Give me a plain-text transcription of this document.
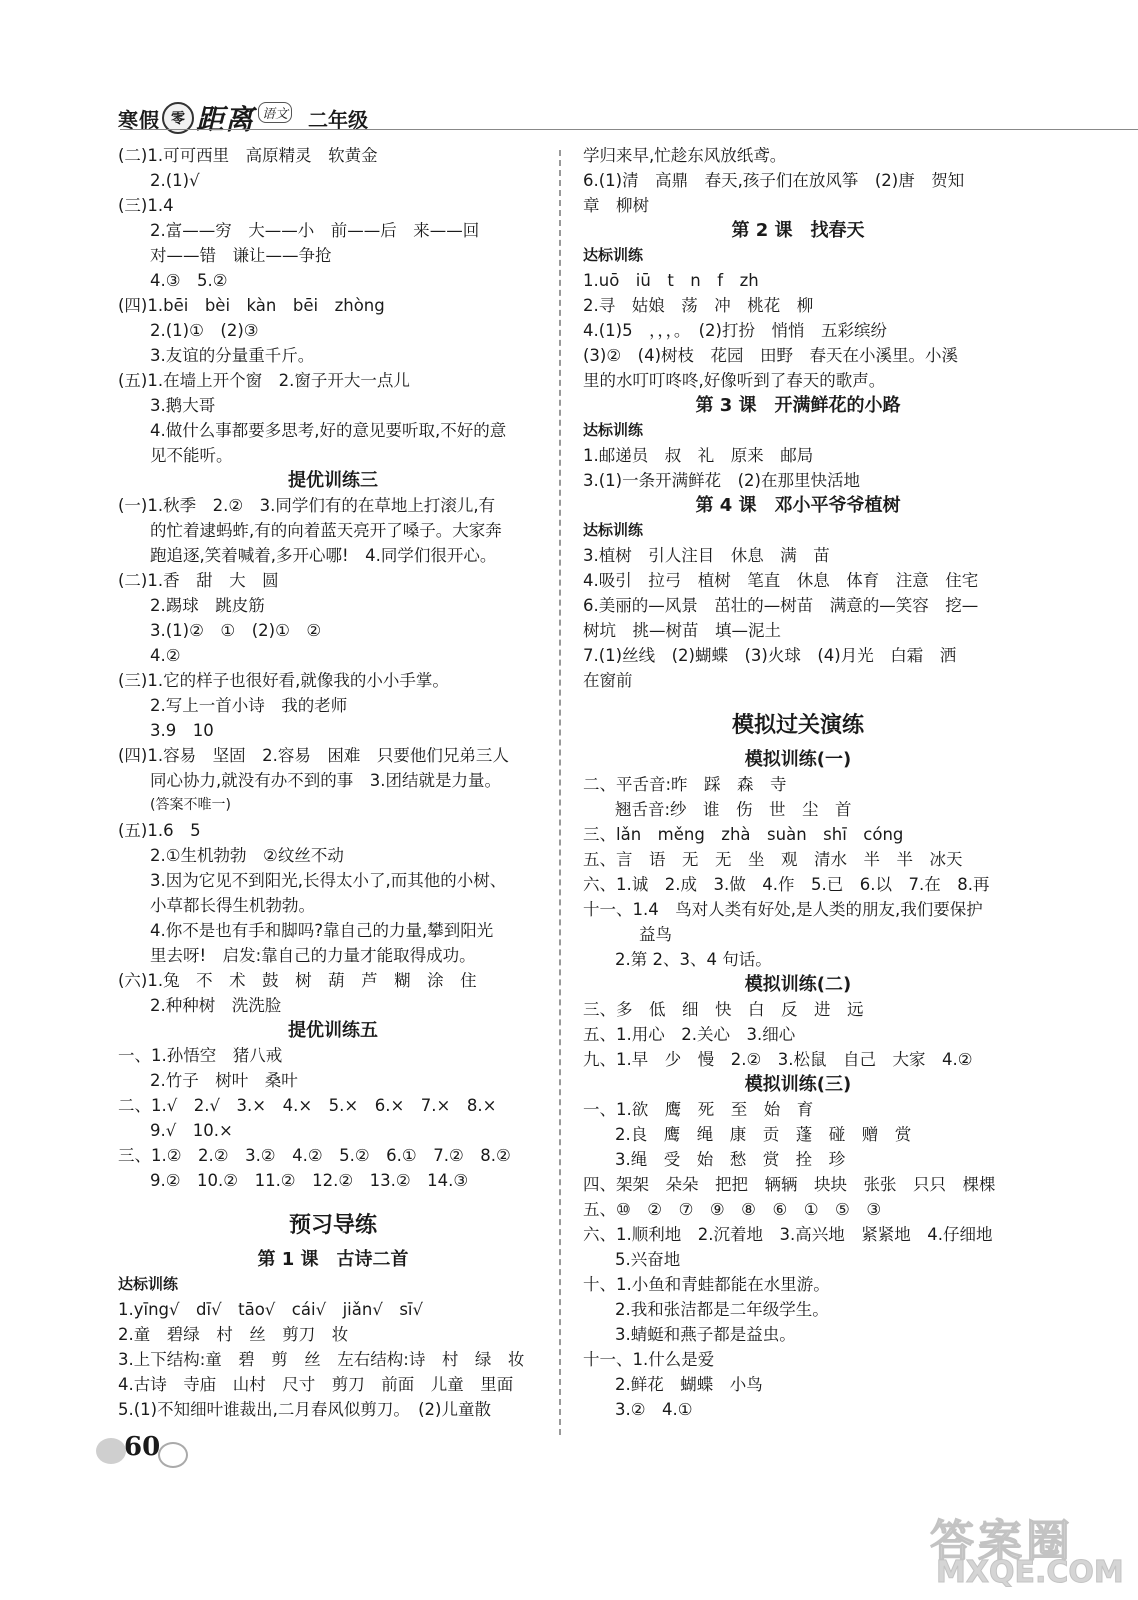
寒假 零 距离 语文 二年级
(二)1.可可西里　高原精灵　软黄金
2.(1)√
(三)1.4
2.富——穷　大——小　前——后　来——回
对——错　谦让——争抢
4.③　5.②
(四)1.bēi　bèi　kàn　bēi　zhòng
2.(1)①　(2)③
3.友谊的分量重千斤。
(五)1.在墙上开个窗　2.窗子开大一点儿
3.鹅大哥
4.做什么事都要多思考,好的意见要听取,不好的意
见不能听。
提优训练三
(一)1.秋季　2.②　3.同学们有的在草地上打滚儿,有
的忙着逮蚂蚱,有的向着蓝天亮开了嗓子。大家奔
跑追逐,笑着喊着,多开心哪!　4.同学们很开心。
(二)1.香　甜　大　圆
2.踢球　跳皮筋
3.(1)②　①　(2)①　②
4.②
(三)1.它的样子也很好看,就像我的小小手掌。
2.写上一首小诗　我的老师
3.9　10
(四)1.容易　坚固　2.容易　困难　只要他们兄弟三人
同心协力,就没有办不到的事　3.团结就是力量。
(答案不唯一)
(五)1.6　5
2.①生机勃勃　②纹丝不动
3.因为它见不到阳光,长得太小了,而其他的小树、
小草都长得生机勃勃。
4.你不是也有手和脚吗?靠自己的力量,攀到阳光
里去呀!　启发:靠自己的力量才能取得成功。
(六)1.兔　不　术　鼓　树　葫　芦　糊　涂　住
2.种种树　洗洗脸
提优训练五
一、1.孙悟空　猪八戒
2.竹子　树叶　桑叶
二、1.√　2.√　3.×　4.×　5.×　6.×　7.×　8.×
9.√　10.×
三、1.②　2.②　3.②　4.②　5.②　6.①　7.②　8.②
9.②　10.②　11.②　12.②　13.②　14.③
预习导练
第 1 课　古诗二首
达标训练
1.yīng√　dī√　tāo√　cái√　jiǎn√　sī√
2.童　碧绿　村　丝　剪刀　妆
3.上下结构:童　碧　剪　丝　左右结构:诗　村　绿　妆
4.古诗　寺庙　山村　尺寸　剪刀　前面　儿童　里面
5.(1)不知细叶谁裁出,二月春风似剪刀。　(2)儿童散
学归来早,忙趁东风放纸鸢。
6.(1)清　高鼎　春天,孩子们在放风筝　(2)唐　贺知
章　柳树
第 2 课　找春天
达标训练
1.uō　iū　t　n　f　zh
2.寻　姑娘　荡　冲　桃花　柳
4.(1)5　，，，。　(2)打扮　悄悄　五彩缤纷
(3)②　(4)树枝　花园　田野　春天在小溪里。小溪
里的水叮叮咚咚,好像听到了春天的歌声。
第 3 课　开满鲜花的小路
达标训练
1.邮递员　叔　礼　原来　邮局
3.(1)一条开满鲜花　(2)在那里快活地
第 4 课　邓小平爷爷植树
达标训练
3.植树　引人注目　休息　满　苗
4.吸引　拉弓　植树　笔直　休息　体育　注意　住宅
6.美丽的—风景　茁壮的—树苗　满意的—笑容　挖—
树坑　挑—树苗　填—泥土
7.(1)丝线　(2)蝴蝶　(3)火球　(4)月光　白霜　洒
在窗前
模拟过关演练
模拟训练(一)
二、平舌音:昨　踩　森　寺
翘舌音:纱　谁　伤　世　尘　首
三、lǎn　měng　zhà　suàn　shī　cóng
五、言　语　无　无　坐　观　清水　半　半　冰天
六、1.诚　2.成　3.做　4.作　5.已　6.以　7.在　8.再
十一、1.4　鸟对人类有好处,是人类的朋友,我们要保护
益鸟
2.第 2、3、4 句话。
模拟训练(二)
三、多　低　细　快　白　反　进　远
五、1.用心　2.关心　3.细心
九、1.早　少　慢　2.②　3.松鼠　自己　大家　4.②
模拟训练(三)
一、1.欲　鹰　死　至　始　育
2.良　鹰　绳　康　贡　蓬　碰　赠　赏
3.绳　受　始　愁　赏　拴　珍
四、架架　朵朵　把把　辆辆　块块　张张　只只　棵棵
五、⑩　②　⑦　⑨　⑧　⑥　①　⑤　③
六、1.顺利地　2.沉着地　3.高兴地　紧紧地　4.仔细地
5.兴奋地
十、1.小鱼和青蛙都能在水里游。
2.我和张洁都是二年级学生。
3.蜻蜓和燕子都是益虫。
十一、1.什么是爱
2.鲜花　蝴蝶　小鸟
3.②　4.①
60
答案圈
MXQE.COM
